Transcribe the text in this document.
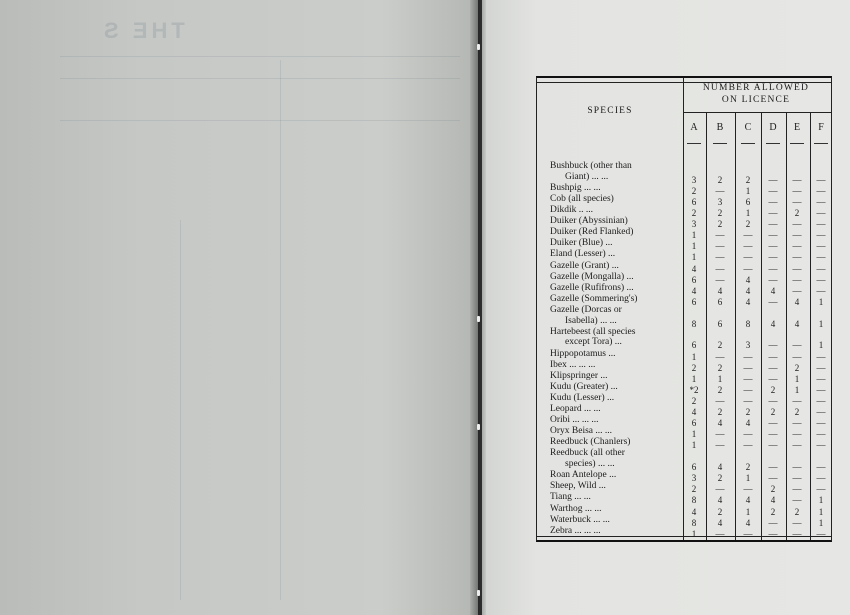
THE S
SPECIES
NUMBER ALLOWED
ON LICENCE
A	B	C	D	E	F
Bushbuck (other than
Giant) ... ...	3	2	2	— — —
Bushpig ... ...	2	—	1	— — —
Cob (all species)	6	3	6	— — —
Dikdik .. ...	2	2	1	—	2	—
Duiker (Abyssinian)	3	2	2	— — —
Duiker (Red Flanked)	1	— — — — —
Duiker (Blue) ...	1	— — — — —
Eland (Lesser) ...	1	— — — — —
Gazelle (Grant) ...	4	— — — — —
Gazelle (Mongalla) ...	6	—	4	— — —
Gazelle (Rufifrons) ...	4	4	4	4	— —
Gazelle (Sommering's)	6	6	4	—	4	1
Gazelle (Dorcas or
Isabella) ... ...	8	6	8	4	4	1
Hartebeest (all species
except Tora) ...	6	2	3	— —	1
Hippopotamus ...	1	— — — — —
Ibex ... ... ...	2	2	— —	2	—
Klipspringer ...	1	1	— —	1	—
Kudu (Greater) ...	*2	2	—	2	1	—
Kudu (Lesser) ...	2	— — — — —
Leopard ... ...	4	2	2	2	2	—
Oribi ... ... ...	6	4	4	— — —
Oryx Beisa ... ...	1	— — — — —
Reedbuck (Chanlers)	1	— — — — —
Reedbuck (all other
species) ... ...	6	4	2	— — —
Roan Antelope ...	3	2	1	— — —
Sheep, Wild ...	2	— —	2	— —
Tiang ... ...	8	4	4	4	—	1
Warthog ... ...	4	2	1	2	2	1
Waterbuck ... ...	8	4	4	— —	1
Zebra ... ... ...	1	— — — — —
